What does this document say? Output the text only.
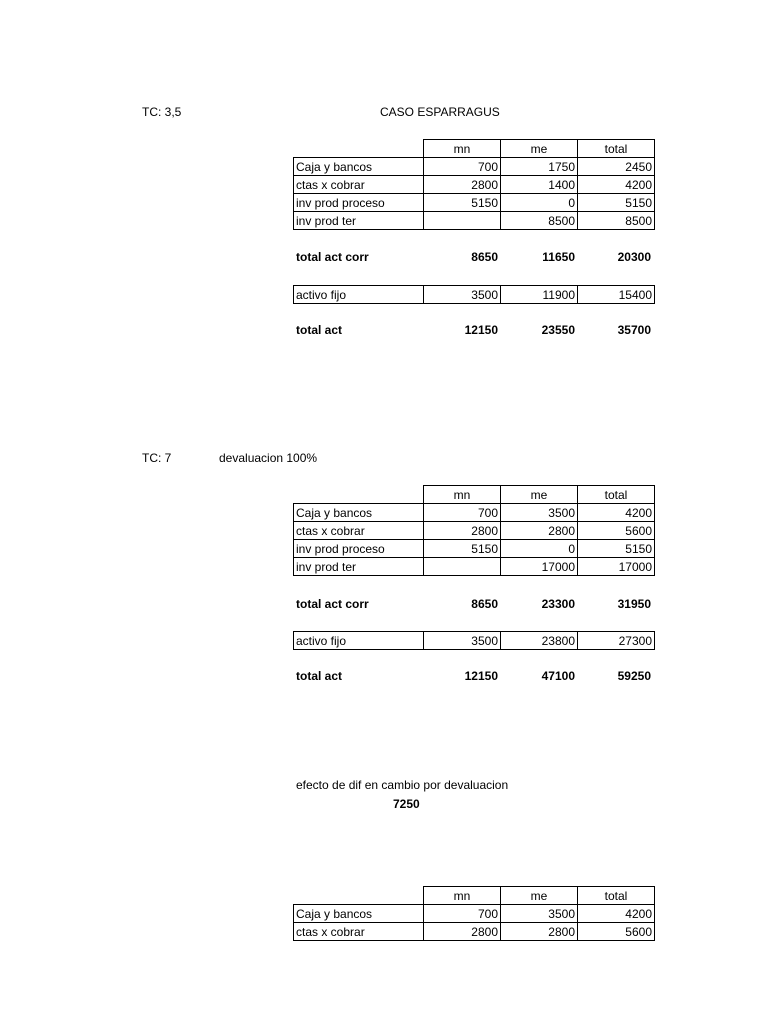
TC: 3,5	CASO ESPARRAGUS
	mn	me	total
Caja y bancos	700	1750	2450
ctas x cobrar	2800	1400	4200
inv prod proceso	5150	0	5150
inv prod ter		8500	8500
total act corr	8650	11650	20300
activo fijo	3500	11900	15400
total act	12150	23550	35700
TC: 7	devaluacion 100%
	mn	me	total
Caja y bancos	700	3500	4200
ctas x cobrar	2800	2800	5600
inv prod proceso	5150	0	5150
inv prod ter		17000	17000
total act corr	8650	23300	31950
activo fijo	3500	23800	27300
total act	12150	47100	59250
efecto de dif en cambio por devaluacion
7250
	mn	me	total
Caja y bancos	700	3500	4200
ctas x cobrar	2800	2800	5600
